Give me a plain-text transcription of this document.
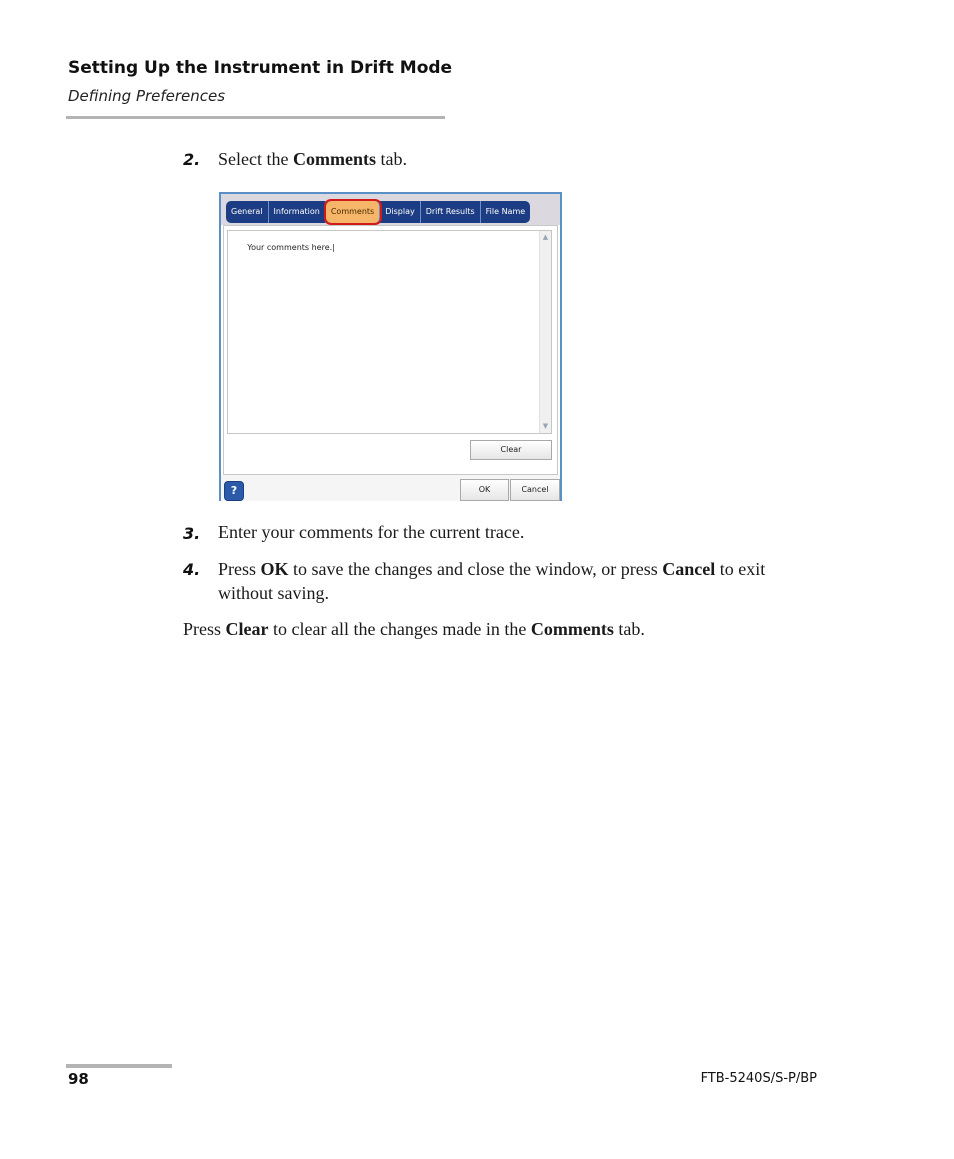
Setting Up the Instrument in Drift Mode
Defining Preferences
2. Select the Comments tab.
General	Information	Comments	Display	Drift Results	File Name

Your comments here.|

▲

▼

Clear
?	OK	Cancel
3. Enter your comments for the current trace.
4. Press OK to save the changes and close the window, or press Cancel to exit without saving.
Press Clear to clear all the changes made in the Comments tab.
98	FTB-5240S/S-P/BP
